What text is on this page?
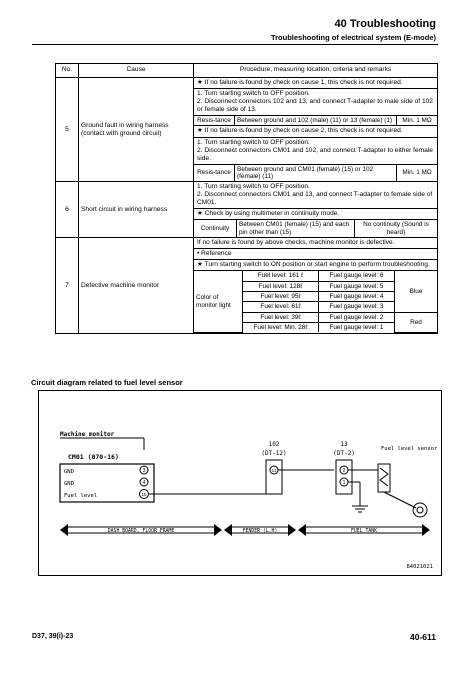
40 Troubleshooting
Troubleshooting of electrical system (E-mode)
No.	Cause	Procedure, measuring location, criteria and remarks
5	Ground fault in wiring harness (contact with ground circuit)	
★ If no failure is found by check on cause 1, this check is not required.
1. Turn starting switch to OFF position.
2. Disconnect connectors 102 and 13, and connect T-adapter to male side of 102 or female side of 13.
Resis-tance	Between ground and 102 (male) (11) or 13 (female) (1)	Min. 1 MΩ
★ If no failure is found by check on cause 2, this check is not required.
1. Turn starting switch to OFF position.
2. Disconnect connectors CM01 and 102, and connect T-adapter to either female side.
Resis-tance	Between ground and CM01 (female) (15) or 102 (female) (11)	Min. 1 MΩ

6	Short circuit in wiring harness	
1. Turn starting switch to OFF position.
2. Disconnect connectors CM01 and 13, and connect T-adapter to female side of CM01.
★ Check by using multimeter in continuity mode.
Continuity	Between CM01 (female) (15) and each pin other than (15)	No continuity (Sound is heard)

7	Defective machine monitor	
If no failure is found by above checks, machine monitor is defective.
• Reference
★ Turn starting switch to ON position or start engine to perform troubleshooting.
Color of monitor light	Fuel level: 161 ℓ	Fuel gauge level: 6	Blue
Fuel level: 128ℓ	Fuel gauge level: 5
Fuel level: 95ℓ	Fuel gauge level: 4
Fuel level: 61ℓ	Fuel gauge level: 3
Fuel level: 39ℓ	Fuel gauge level: 2	Red
Fuel level: Min. 28ℓ	Fuel gauge level: 1
Circuit diagram related to fuel level sensor
Machine monitor
CM01 (070-16)
GND
GND
Fuel level
3
4
15
102
(DT-12)
11
13
(DT-2)
2
1
Fuel level sensor
DASH BOARD, FLOOR FRAME	FENDER (L.H)	FUEL TANK
84021021
D37, 39(i)-23	40-611
